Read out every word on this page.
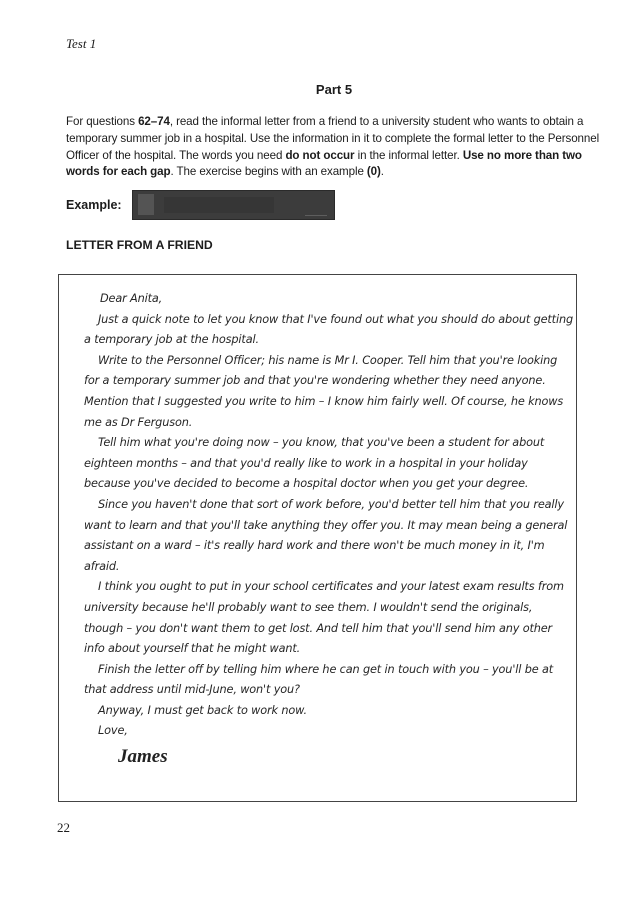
Test 1
Part 5
For questions 62–74, read the informal letter from a friend to a university student who wants to obtain a temporary summer job in a hospital. Use the information in it to complete the formal letter to the Personnel Officer of the hospital. The words you need do not occur in the informal letter. Use no more than two words for each gap. The exercise begins with an example (0).
Example:
LETTER FROM A FRIEND

Dear Anita,

Just a quick note to let you know that I've found out what you should do about getting a temporary job at the hospital.

Write to the Personnel Officer; his name is Mr I. Cooper. Tell him that you're looking for a temporary summer job and that you're wondering whether they need anyone. Mention that I suggested you write to him – I know him fairly well. Of course, he knows me as Dr Ferguson.

Tell him what you're doing now – you know, that you've been a student for about eighteen months – and that you'd really like to work in a hospital in your holiday because you've decided to become a hospital doctor when you get your degree.

Since you haven't done that sort of work before, you'd better tell him that you really want to learn and that you'll take anything they offer you. It may mean being a general assistant on a ward – it's really hard work and there won't be much money in it, I'm afraid.

I think you ought to put in your school certificates and your latest exam results from university because he'll probably want to see them. I wouldn't send the originals, though – you don't want them to get lost. And tell him that you'll send him any other info about yourself that he might want.

Finish the letter off by telling him where he can get in touch with you – you'll be at that address until mid-June, won't you?

Anyway, I must get back to work now.

Love,

James
22
